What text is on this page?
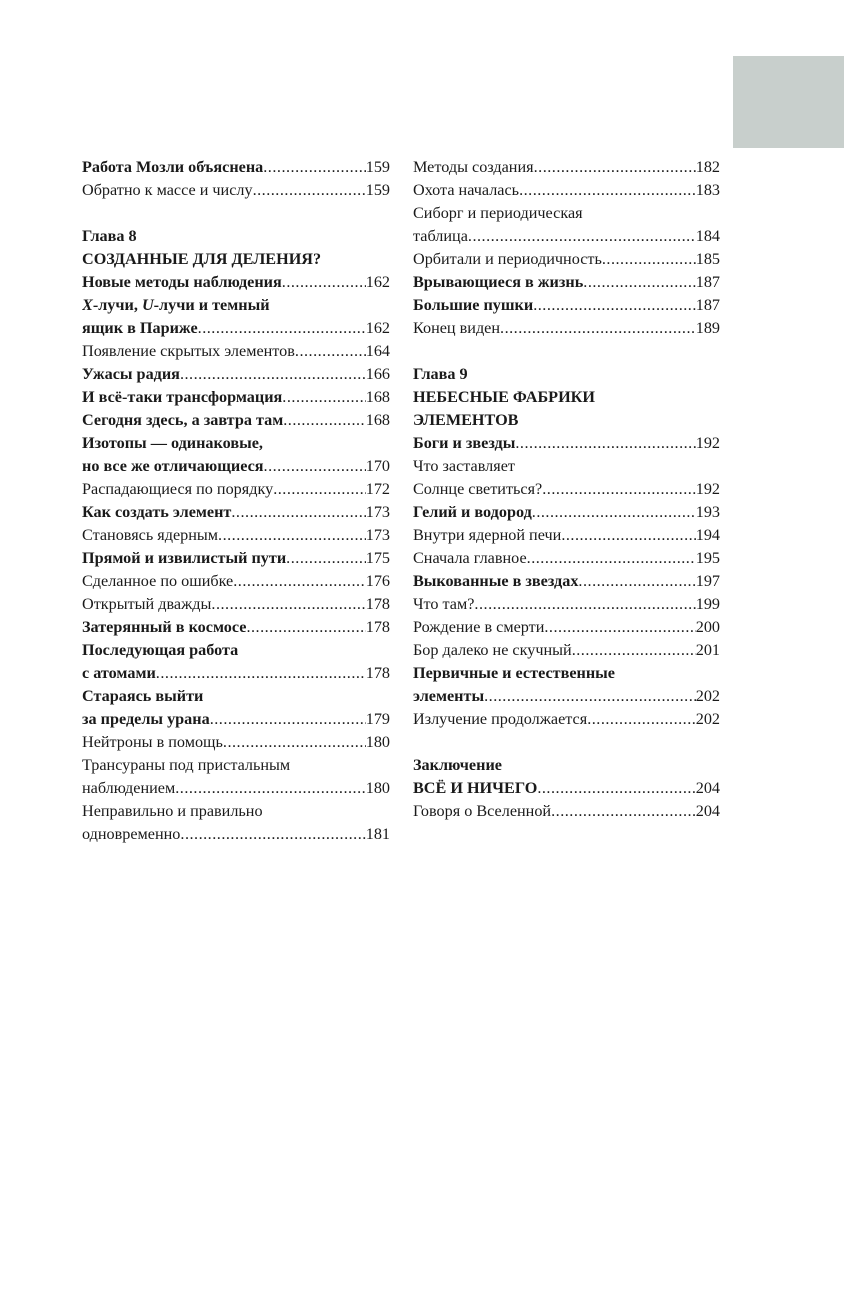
Работа Мозли объяснена .....	159
Обратно к массе и числу .....	159
Глава 8
СОЗДАННЫЕ ДЛЯ ДЕЛЕНИЯ?
Новые методы наблюдения .....	162
X-лучи, U-лучи и темный
ящик в Париже .....	162
Появление скрытых элементов .....	164
Ужасы радия .....	166
И всё-таки трансформация .....	168
Сегодня здесь, а завтра там .....	168
Изотопы — одинаковые,
но все же отличающиеся .....	170
Распадающиеся по порядку .....	172
Как создать элемент .....	173
Становясь ядерным .....	173
Прямой и извилистый пути .....	175
Сделанное по ошибке .....	176
Открытый дважды .....	178
Затерянный в космосе .....	178
Последующая работа
с атомами .....	178
Стараясь выйти
за пределы урана .....	179
Нейтроны в помощь .....	180
Трансураны под пристальным
наблюдением .....	180
Неправильно и правильно
одновременно .....	181
Методы создания .....	182
Охота началась .....	183
Сиборг и периодическая
таблица .....	184
Орбитали и периодичность .....	185
Врывающиеся в жизнь .....	187
Большие пушки .....	187
Конец виден .....	189
Глава 9
НЕБЕСНЫЕ ФАБРИКИ
ЭЛЕМЕНТОВ
Боги и звезды .....	192
Что заставляет
Солнце светиться? .....	192
Гелий и водород .....	193
Внутри ядерной печи .....	194
Сначала главное .....	195
Выкованные в звездах .....	197
Что там? .....	199
Рождение в смерти .....	200
Бор далеко не скучный .....	201
Первичные и естественные
элементы .....	202
Излучение продолжается .....	202
Заключение
ВСЁ И НИЧЕГО .....	204
Говоря о Вселенной .....	204
